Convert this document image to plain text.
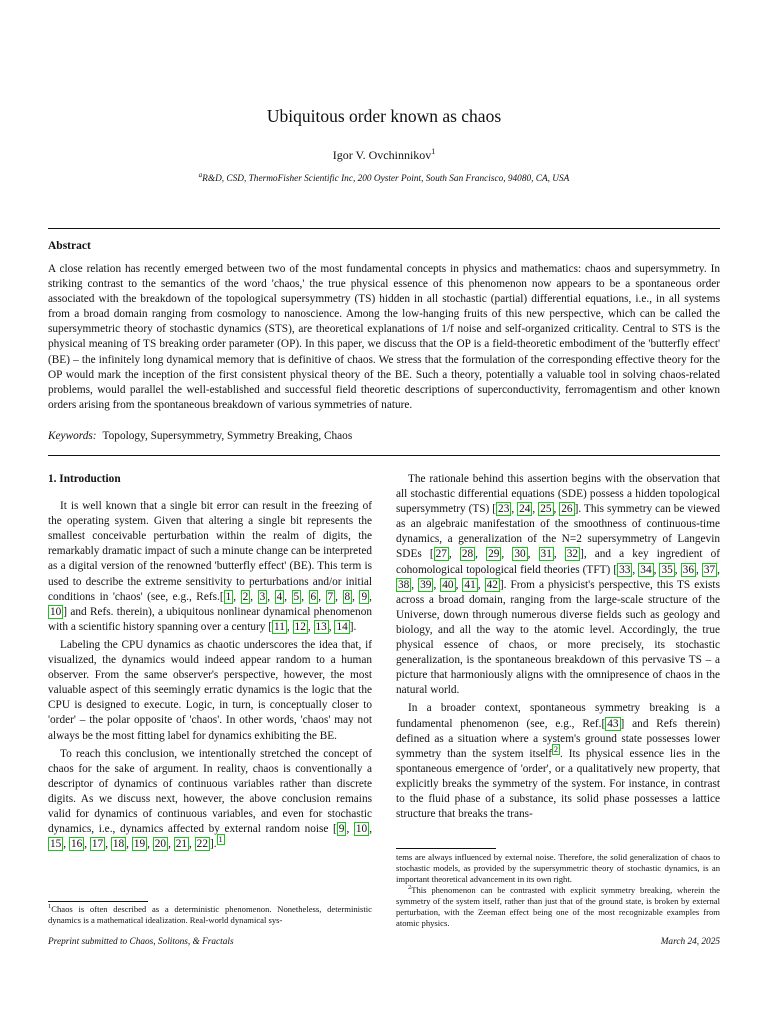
Ubiquitous order known as chaos
Igor V. Ovchinnikov$^1$
$^a$R&D, CSD, ThermoFisher Scientific Inc, 200 Oyster Point, South San Francisco, 94080, CA, USA
Abstract
A close relation has recently emerged between two of the most fundamental concepts in physics and mathematics: chaos and supersymmetry. In striking contrast to the semantics of the word 'chaos,' the true physical essence of this phenomenon now appears to be a spontaneous order associated with the breakdown of the topological supersymmetry (TS) hidden in all stochastic (partial) differential equations, i.e., in all systems from a broad domain ranging from cosmology to nanoscience. Among the low-hanging fruits of this new perspective, which can be called the supersymmetric theory of stochastic dynamics (STS), are theoretical explanations of 1/f noise and self-organized criticality. Central to STS is the physical meaning of TS breaking order parameter (OP). In this paper, we discuss that the OP is a field-theoretic embodiment of the 'butterfly effect' (BE) – the infinitely long dynamical memory that is definitive of chaos. We stress that the formulation of the corresponding effective theory for the OP would mark the inception of the first consistent physical theory of the BE. Such a theory, potentially a valuable tool in solving chaos-related problems, would parallel the well-established and successful field theoretic descriptions of superconductivity, ferromagentism and other known orders arising from the spontaneous breakdown of various symmetries of nature.
Keywords: Topology, Supersymmetry, Symmetry Breaking, Chaos
1. Introduction

It is well known that a single bit error can result in the freezing of the operating system. Given that altering a single bit represents the smallest conceivable perturbation within the realm of digits, the remarkably dramatic impact of such a minute change can be interpreted as a digital version of the renowned 'butterfly effect' (BE). This term is used to describe the extreme sensitivity to perturbations and/or initial conditions in 'chaos' (see, e.g., Refs.[ 1 , 2 , 3 , 4 , 5 , 6 , 7 , 8 , 9 , 10 ] and Refs. therein), a ubiquitous nonlinear dynamical phenomenon with a scientific history spanning over a century [ 11 , 12 , 13 , 14 ].

Labeling the CPU dynamics as chaotic underscores the idea that, if visualized, the dynamics would indeed appear random to a human observer. From the same observer's perspective, however, the most valuable aspect of this seemingly erratic dynamics is the logic that the CPU is designed to execute. Logic, in turn, is conceptually closer to 'order' – the polar opposite of 'chaos'. In other words, 'chaos' may not always be the most fitting label for dynamics exhibiting the BE.

To reach this conclusion, we intentionally stretched the concept of chaos for the sake of argument. In reality, chaos is conventionally a descriptor of dynamics of continuous variables rather than discrete digits. As we discuss next, however, the above conclusion remains valid for dynamics of continuous variables, and even for stochastic dynamics, i.e., dynamics affected by external random noise [ 9 , 10 , 15 , 16 , 17 , 18 , 19 , 20 , 21 , 22 ]. $^1$

$^1$Chaos is often described as a deterministic phenomenon. Nonetheless, deterministic dynamics is a mathematical idealization. Real-world dynamical sys-

The rationale behind this assertion begins with the observation that all stochastic differential equations (SDE) possess a hidden topological supersymmetry (TS) [ 23 , 24 , 25 , 26 ]. This symmetry can be viewed as an algebraic manifestation of the smoothness of continuous-time dynamics, a generalization of the N=2 supersymmetry of Langevin SDEs [ 27 , 28 , 29 , 30 , 31 , 32 ], and a key ingredient of cohomological topological field theories (TFT) [ 33 , 34 , 35 , 36 , 37 , 38 , 39 , 40 , 41 , 42 ]. From a physicist's perspective, this TS exists across a broad domain, ranging from the large-scale structure of the Universe, down through numerous diverse fields such as geology and biology, and all the way to the atomic level. Accordingly, the true physical essence of chaos, or more precisely, its stochastic generalization, is the spontaneous breakdown of this pervasive TS – a picture that harmoniously aligns with the omnipresence of chaos in the natural world.

In a broader context, spontaneous symmetry breaking is a fundamental phenomenon (see, e.g., Ref.[ 43 ] and Refs therein) defined as a situation where a system's ground state possesses lower symmetry than the system itself $^2$ . Its physical essence lies in the spontaneous emergence of 'order', or a qualitatively new property, that explicitly breaks the symmetry of the system. For instance, in contrast to the fluid phase of a substance, its solid phase possesses a lattice structure that breaks the trans-

tems are always influenced by external noise. Therefore, the solid generalization of chaos to stochastic models, as provided by the supersymmetric theory of stochastic dynamics, is an important theoretical advancement in its own right.
$^2$This phenomenon can be contrasted with explicit symmetry breaking, wherein the symmetry of the system itself, rather than just that of the ground state, is broken by external perturbation, with the Zeeman effect being one of the most recognizable examples from atomic physics.
Preprint submitted to Chaos, Solitons, & Fractals	March 24, 2025
